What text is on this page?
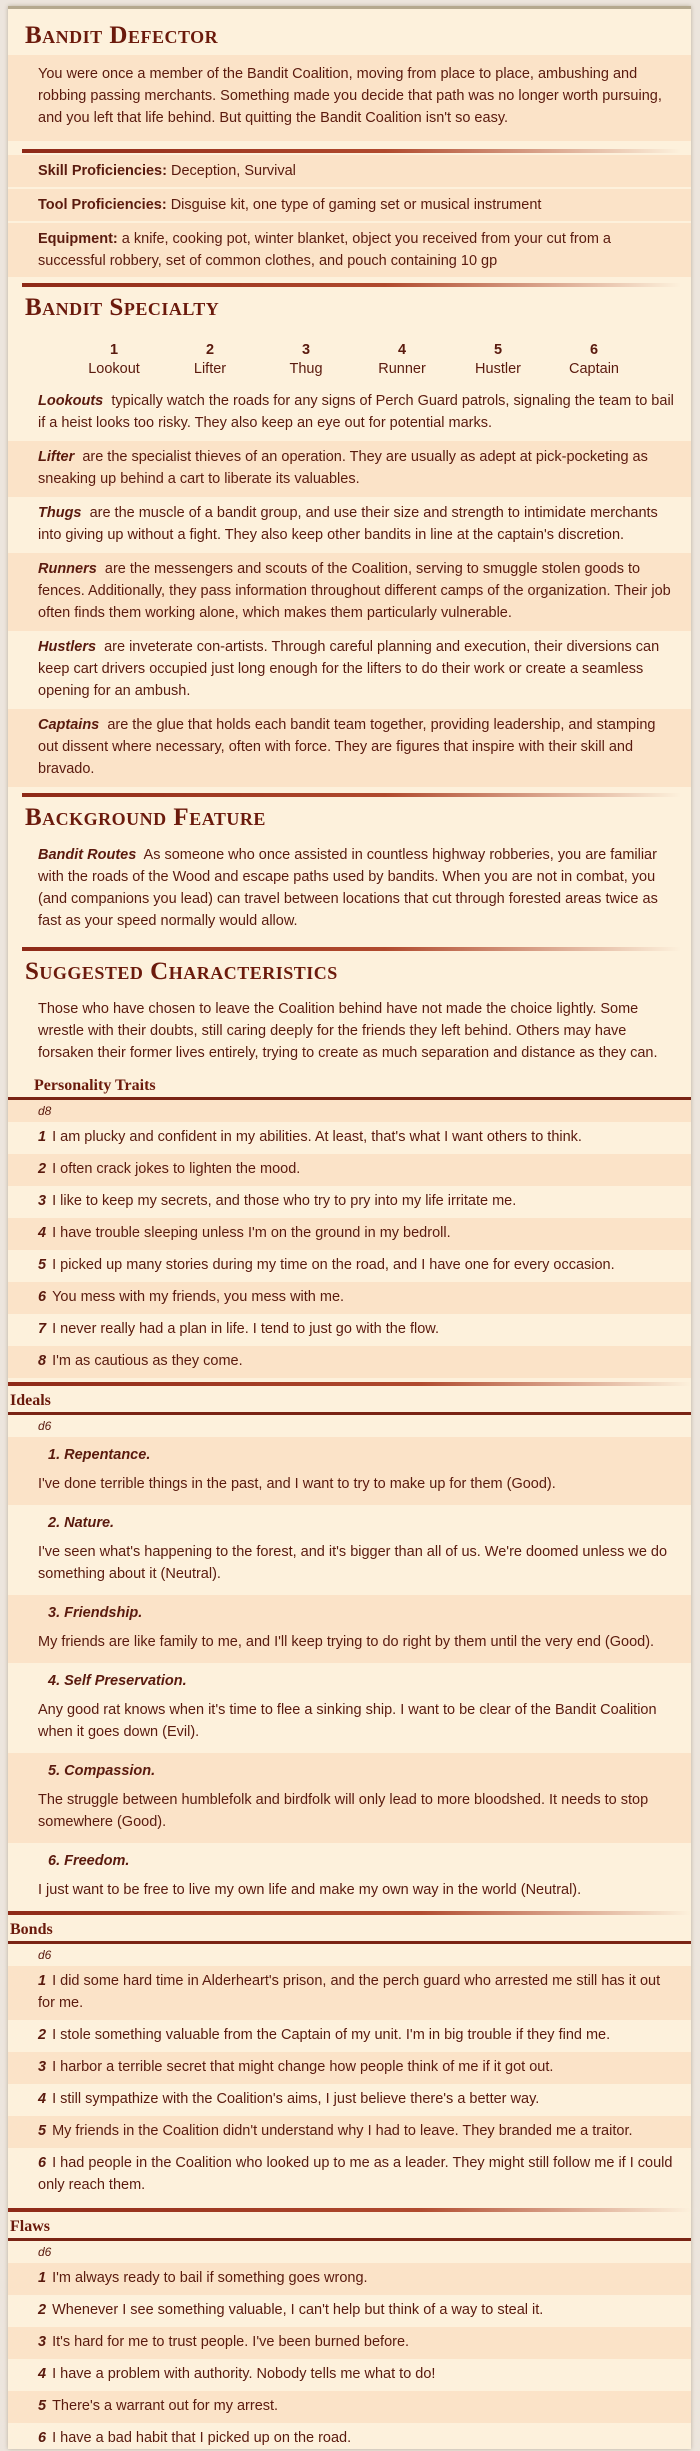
Bandit Defector

You were once a member of the Bandit Coalition, moving from place to place, ambushing and robbing passing merchants. Something made you decide that path was no longer worth pursuing, and you left that life behind. But quitting the Bandit Coalition isn't so easy.

Skill Proficiencies: Deception, Survival

Tool Proficiencies: Disguise kit, one type of gaming set or musical instrument

Equipment: a knife, cooking pot, winter blanket, object you received from your cut from a successful robbery, set of common clothes, and pouch containing 10 gp

Bandit Specialty
1
Lookout
2
Lifter
3
Thug
4
Runner
5
Hustler
6
Captain

Lookouts typically watch the roads for any signs of Perch Guard patrols, signaling the team to bail if a heist looks too risky. They also keep an eye out for potential marks.

Lifter are the specialist thieves of an operation. They are usually as adept at pick-pocketing as sneaking up behind a cart to liberate its valuables.

Thugs are the muscle of a bandit group, and use their size and strength to intimidate merchants into giving up without a fight. They also keep other bandits in line at the captain's discretion.

Runners are the messengers and scouts of the Coalition, serving to smuggle stolen goods to fences. Additionally, they pass information throughout different camps of the organization. Their job often finds them working alone, which makes them particularly vulnerable.

Hustlers are inveterate con-artists. Through careful planning and execution, their diversions can keep cart drivers occupied just long enough for the lifters to do their work or create a seamless opening for an ambush.

Captains are the glue that holds each bandit team together, providing leadership, and stamping out dissent where necessary, often with force. They are figures that inspire with their skill and bravado.

Background Feature

Bandit Routes As someone who once assisted in countless highway robberies, you are familiar with the roads of the Wood and escape paths used by bandits. When you are not in combat, you (and companions you lead) can travel between locations that cut through forested areas twice as fast as your speed normally would allow.

Suggested Characteristics

Those who have chosen to leave the Coalition behind have not made the choice lightly. Some wrestle with their doubts, still caring deeply for the friends they left behind. Others may have forsaken their former lives entirely, trying to create as much separation and distance as they can.

Personality Traits
d8
1 I am plucky and confident in my abilities. At least, that's what I want others to think.
2 I often crack jokes to lighten the mood.
3 I like to keep my secrets, and those who try to pry into my life irritate me.
4 I have trouble sleeping unless I'm on the ground in my bedroll.
5 I picked up many stories during my time on the road, and I have one for every occasion.
6 You mess with my friends, you mess with me.
7 I never really had a plan in life. I tend to just go with the flow.
8 I'm as cautious as they come.
Ideals
d6
1. Repentance.

I've done terrible things in the past, and I want to try to make up for them (Good).

2. Nature.

I've seen what's happening to the forest, and it's bigger than all of us. We're doomed unless we do something about it (Neutral).

3. Friendship.

My friends are like family to me, and I'll keep trying to do right by them until the very end (Good).

4. Self Preservation.

Any good rat knows when it's time to flee a sinking ship. I want to be clear of the Bandit Coalition when it goes down (Evil).

5. Compassion.

The struggle between humblefolk and birdfolk will only lead to more bloodshed. It needs to stop somewhere (Good).

6. Freedom.

I just want to be free to live my own life and make my own way in the world (Neutral).

Bonds
d6
1 I did some hard time in Alderheart's prison, and the perch guard who arrested me still has it out for me.
2 I stole something valuable from the Captain of my unit. I'm in big trouble if they find me.
3 I harbor a terrible secret that might change how people think of me if it got out.
4 I still sympathize with the Coalition's aims, I just believe there's a better way.
5 My friends in the Coalition didn't understand why I had to leave. They branded me a traitor.
6 I had people in the Coalition who looked up to me as a leader. They might still follow me if I could only reach them.
Flaws
d6
1 I'm always ready to bail if something goes wrong.
2 Whenever I see something valuable, I can't help but think of a way to steal it.
3 It's hard for me to trust people. I've been burned before.
4 I have a problem with authority. Nobody tells me what to do!
5 There's a warrant out for my arrest.
6 I have a bad habit that I picked up on the road.
